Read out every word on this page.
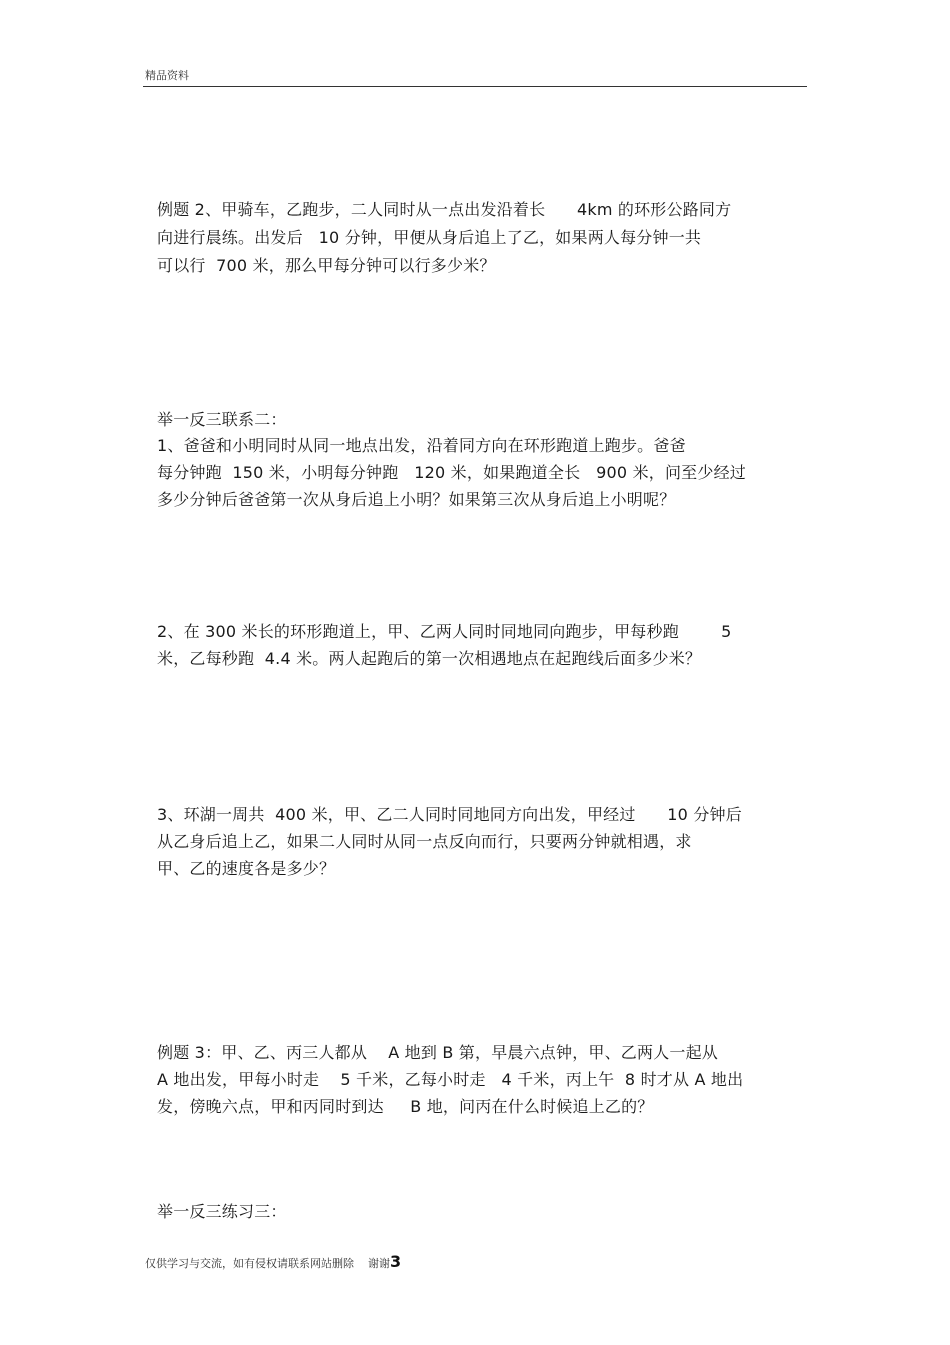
精品资料
例题 2、甲骑车，乙跑步，二人同时从一点出发沿着长      4km 的环形公路同方
向进行晨练。出发后   10 分钟，甲便从身后追上了乙，如果两人每分钟一共
可以行  700 米，那么甲每分钟可以行多少米？
举一反三联系二：
1、爸爸和小明同时从同一地点出发，沿着同方向在环形跑道上跑步。爸爸
每分钟跑  150 米，小明每分钟跑   120 米，如果跑道全长   900 米，问至少经过
多少分钟后爸爸第一次从身后追上小明？如果第三次从身后追上小明呢？
2、在 300 米长的环形跑道上，甲、乙两人同时同地同向跑步，甲每秒跑        5
米，乙每秒跑  4.4 米。两人起跑后的第一次相遇地点在起跑线后面多少米？
3、环湖一周共  400 米，甲、乙二人同时同地同方向出发，甲经过      10 分钟后
从乙身后追上乙，如果二人同时从同一点反向而行，只要两分钟就相遇，求
甲、乙的速度各是多少？
例题 3：甲、乙、丙三人都从    A 地到 B 第，早晨六点钟，甲、乙两人一起从
A 地出发，甲每小时走    5 千米，乙每小时走   4 千米，丙上午  8 时才从 A 地出
发，傍晚六点，甲和丙同时到达     B 地，问丙在什么时候追上乙的？
举一反三练习三：
仅供学习与交流，如有侵权请联系网站删除    谢谢3
